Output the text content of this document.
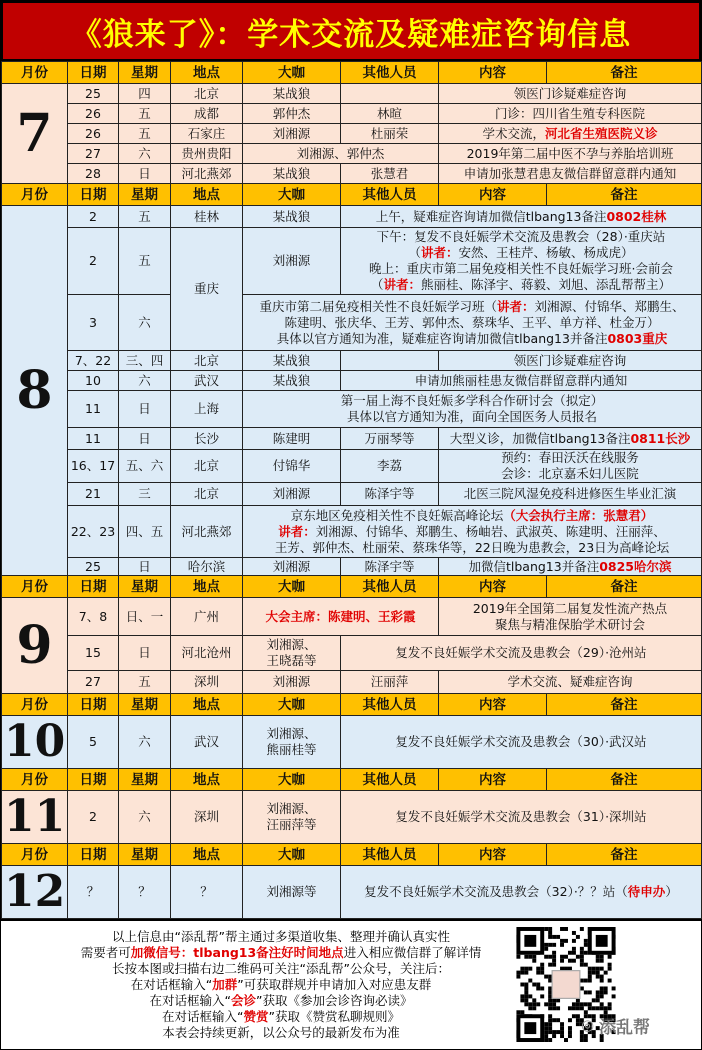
《狼来了》：学术交流及疑难症咨询信息
月份	日期	星期	地点	大咖	其他人员	内容	备注
7	25	四	北京	某战狼		领医门诊疑难症咨询	
	26	五	成都	郭仲杰	林暄	门诊：四川省生殖专科医院	
	26	五	石家庄	刘湘源	杜丽荣	学术交流，河北省生殖医院义诊	
	27	六	贵州贵阳	刘湘源、郭仲杰		2019年第二届中医不孕与养胎培训班	
	28	日	河北燕郊	某战狼	张慧君	申请加张慧君患友微信群留意群内通知	
月份	日期	星期	地点	大咖	其他人员	内容	备注
8	2	五	桂林	某战狼	上午，疑难症咨询请加微信tlbang13备注0802桂林		
	2	五	重庆	刘湘源	下午：复发不良妊娠学术交流及患教会（28）·重庆站
（讲者：安然、王桂芹、杨敏、杨成虎）
晚上：重庆市第二届免疫相关性不良妊娠学习班·会前会
（讲者：熊丽桂、陈泽宇、蒋毅、刘旭、添乱帮帮主）		
	3	六		重庆市第二届免疫相关性不良妊娠学习班（讲者：刘湘源、付锦华、郑鹏生、
陈建明、张庆华、王芳、郭仲杰、蔡珠华、王平、单方祥、杜金万）
具体以官方通知为准，疑难症咨询请加微信tlbang13并备注0803重庆			
	7、22	三、四	北京	某战狼		领医门诊疑难症咨询	
	10	六	武汉	某战狼	申请加熊丽桂患友微信群留意群内通知		
	11	日	上海	第一届上海不良妊娠多学科合作研讨会（拟定）
具体以官方通知为准，面向全国医务人员报名			
	11	日	长沙	陈建明	万丽琴等	大型义诊，加微信tlbang13备注0811长沙	
	16、17	五、六	北京	付锦华	李荔	预约：春田沃沃在线服务
会诊：北京嘉禾妇儿医院	
	21	三	北京	刘湘源	陈泽宇等	北医三院风湿免疫科进修医生毕业汇演	
	22、23	四、五	河北燕郊	京东地区免疫相关性不良妊娠高峰论坛（大会执行主席：张慧君）
讲者：刘湘源、付锦华、郑鹏生、杨岫岩、武淑英、陈建明、汪丽萍、
王芳、郭仲杰、杜丽荣、蔡珠华等，22日晚为患教会，23日为高峰论坛			
	25	日	哈尔滨	刘湘源	陈泽宇等	加微信tlbang13并备注0825哈尔滨	
月份	日期	星期	地点	大咖	其他人员	内容	备注
9	7、8	日、一	广州	大会主席：陈建明、王彩霞		2019年全国第二届复发性流产热点
聚焦与精准保胎学术研讨会	
	15	日	河北沧州	刘湘源、
王晓磊等	复发不良妊娠学术交流及患教会（29）·沧州站		
	27	五	深圳	刘湘源	汪丽萍	学术交流、疑难症咨询	
月份	日期	星期	地点	大咖	其他人员	内容	备注
10	5	六	武汉	刘湘源、
熊丽桂等	复发不良妊娠学术交流及患教会（30）·武汉站		
月份	日期	星期	地点	大咖	其他人员	内容	备注
11	2	六	深圳	刘湘源、
汪丽萍等	复发不良妊娠学术交流及患教会（31）·深圳站		
月份	日期	星期	地点	大咖	其他人员	内容	备注
12	？	？	？	刘湘源等	复发不良妊娠学术交流及患教会（32）·？？站（待申办）		
以上信息由“添乱帮”帮主通过多渠道收集、整理并确认真实性
需要者可加微信号：tlbang13备注好时间地点进入相应微信群了解详情
长按本图或扫描右边二维码可关注“添乱帮”公众号，关注后：
在对话框输入“加群”可获取群规并申请加入对应患友群
在对话框输入“会诊”获取《参加会诊咨询必读》
在对话框输入“赞赏”获取《赞赏私聊规则》
本表会持续更新，以公众号的最新发布为准	◎ 添乱帮
